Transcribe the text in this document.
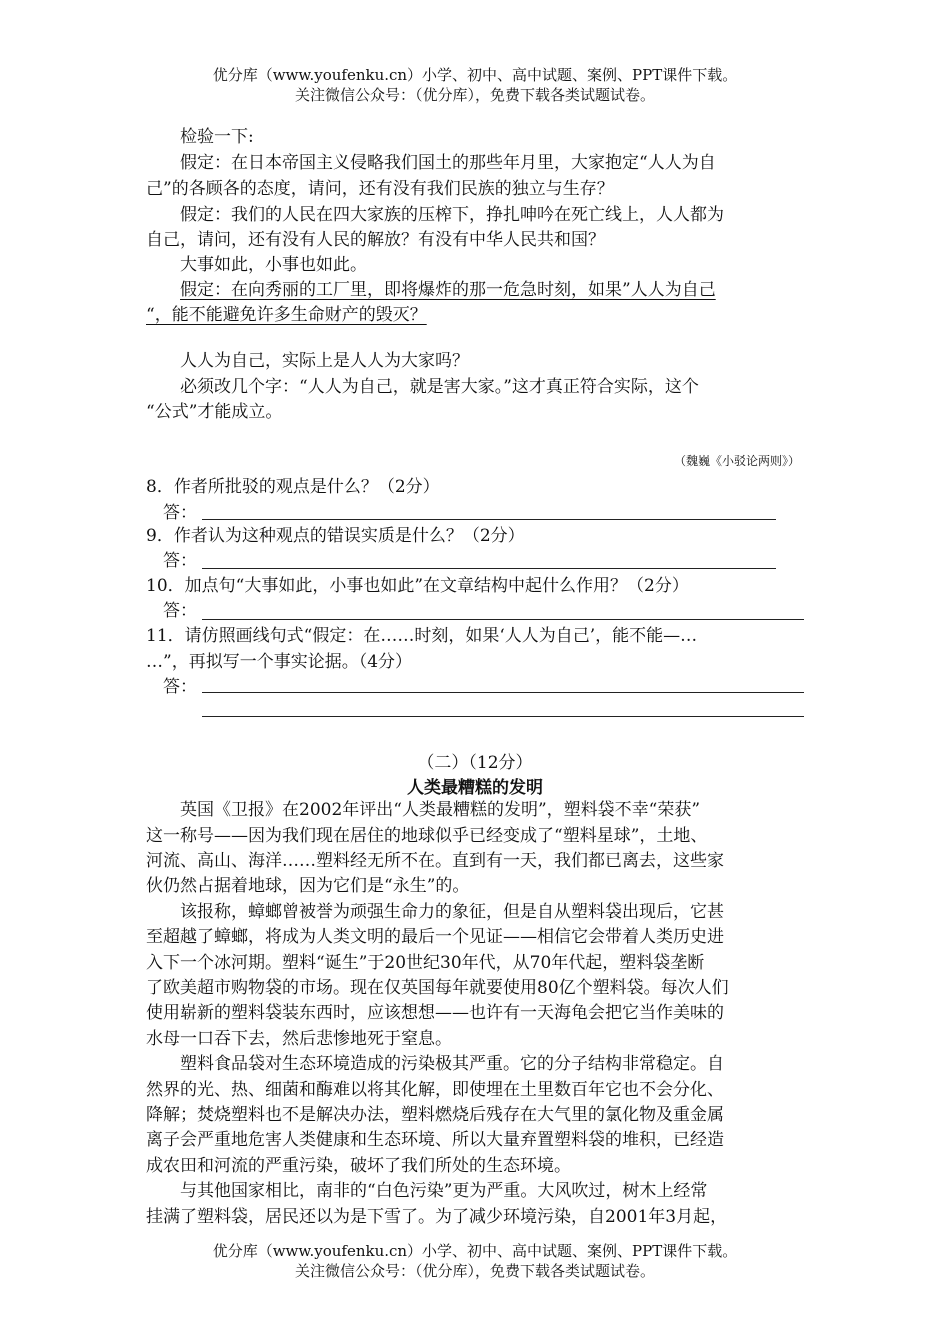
优分库（www.youfenku.cn）小学、初中、高中试题、案例、PPT课件下载。
关注微信公众号：（优分库），免费下载各类试题试卷。
检验一下:
假定：在日本帝国主义侵略我们国土的那些年月里，大家抱定“人人为自
己”的各顾各的态度，请问，还有没有我们民族的独立与生存？
假定：我们的人民在四大家族的压榨下，挣扎呻吟在死亡线上，人人都为
自己，请问，还有没有人民的解放？有没有中华人民共和国？
大事如此，小事也如此。
假定：在向秀丽的工厂里，即将爆炸的那一危急时刻，如果”人人为自己
“，能不能避免许多生命财产的毁灭？
人人为自己，实际上是人人为大家吗？
必须改几个字：“人人为自己，就是害大家。”这才真正符合实际，这个
“公式”才能成立。
（魏巍《小驳论两则》）
8．作者所批驳的观点是什么？（2分）
答：
9．作者认为这种观点的错误实质是什么？（2分）
答：
10．加点句“大事如此，小事也如此”在文章结构中起什么作用？（2分）
答：
11．请仿照画线句式“假定：在……时刻，如果‘人人为自己’，能不能—…
…”，再拟写一个事实论据。（4分）
答：
（二）（12分）
人类最糟糕的发明
英国《卫报》在2002年评出“人类最糟糕的发明”，塑料袋不幸“荣获”
这一称号——因为我们现在居住的地球似乎已经变成了“塑料星球”，土地、
河流、高山、海洋……塑料经无所不在。直到有一天，我们都已离去，这些家
伙仍然占据着地球，因为它们是“永生”的。
该报称，蟑螂曾被誉为顽强生命力的象征，但是自从塑料袋出现后，它甚
至超越了蟑螂，将成为人类文明的最后一个见证——相信它会带着人类历史进
入下一个冰河期。塑料“诞生”于20世纪30年代，从70年代起，塑料袋垄断
了欧美超市购物袋的市场。现在仅英国每年就要使用80亿个塑料袋。每次人们
使用崭新的塑料袋装东西时，应该想想——也许有一天海龟会把它当作美味的
水母一口吞下去，然后悲惨地死于窒息。
塑料食品袋对生态环境造成的污染极其严重。它的分子结构非常稳定。自
然界的光、热、细菌和酶难以将其化解，即使埋在土里数百年它也不会分化、
降解；焚烧塑料也不是解决办法，塑料燃烧后残存在大气里的氯化物及重金属
离子会严重地危害人类健康和生态环境、所以大量弃置塑料袋的堆积，已经造
成农田和河流的严重污染，破坏了我们所处的生态环境。
与其他国家相比，南非的“白色污染”更为严重。大风吹过，树木上经常
挂满了塑料袋，居民还以为是下雪了。为了减少环境污染，自2001年3月起，
优分库（www.youfenku.cn）小学、初中、高中试题、案例、PPT课件下载。
关注微信公众号：（优分库），免费下载各类试题试卷。
